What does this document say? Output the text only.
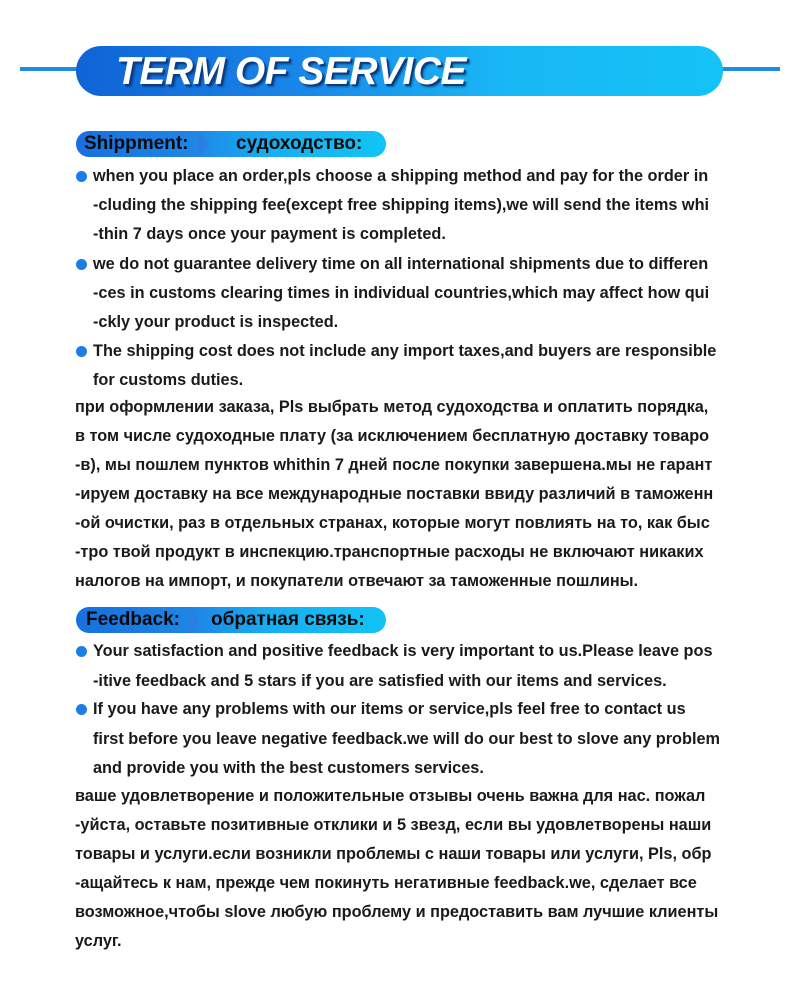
TERM OF SERVICE
Shippment:	судоходство:
when you place an order,pls choose a shipping method and pay for the order in
-cluding the shipping fee(except free shipping items),we will send the items whi
-thin 7 days once your payment is completed.
we do not guarantee delivery time on all international shipments due to differen
-ces in customs clearing times in individual countries,which may affect how qui
-ckly your product is inspected.
The shipping cost does not include any import taxes,and buyers are responsible
for customs duties.
при оформлении заказа, Pls выбрать метод судоходства и оплатить порядка,
в том числе судоходные плату (за исключением бесплатную доставку товаро
-в), мы пошлем пунктов whithin 7 дней после покупки завершена.мы не гарант
-ируем доставку на все международные поставки ввиду различий в таможенн
-ой очистки, раз в отдельных странах, которые могут повлиять на то, как быс
-тро твой продукт в инспекцию.транспортные расходы не включают никаких
налогов на импорт, и покупатели отвечают за таможенные пошлины.
Feedback: обратная связь:
Your satisfaction and positive feedback is very important to us.Please leave pos
-itive feedback and 5 stars if you are satisfied with our items and services.
If you have any problems with our items or service,pls feel free to contact us
first before you leave negative feedback.we will do our best to slove any problem
and provide you with the best customers services.
ваше удовлетворение и положительные отзывы очень важна для нас. пожал
-уйста, оставьте позитивные отклики и 5 звезд, если вы удовлетворены наши
товары и услуги.если возникли проблемы с наши товары или услуги, Pls, обр
-ащайтесь к нам, прежде чем покинуть негативные feedback.we, сделает все
возможное,чтобы slove любую проблему и предоставить вам лучшие клиенты
услуг.
